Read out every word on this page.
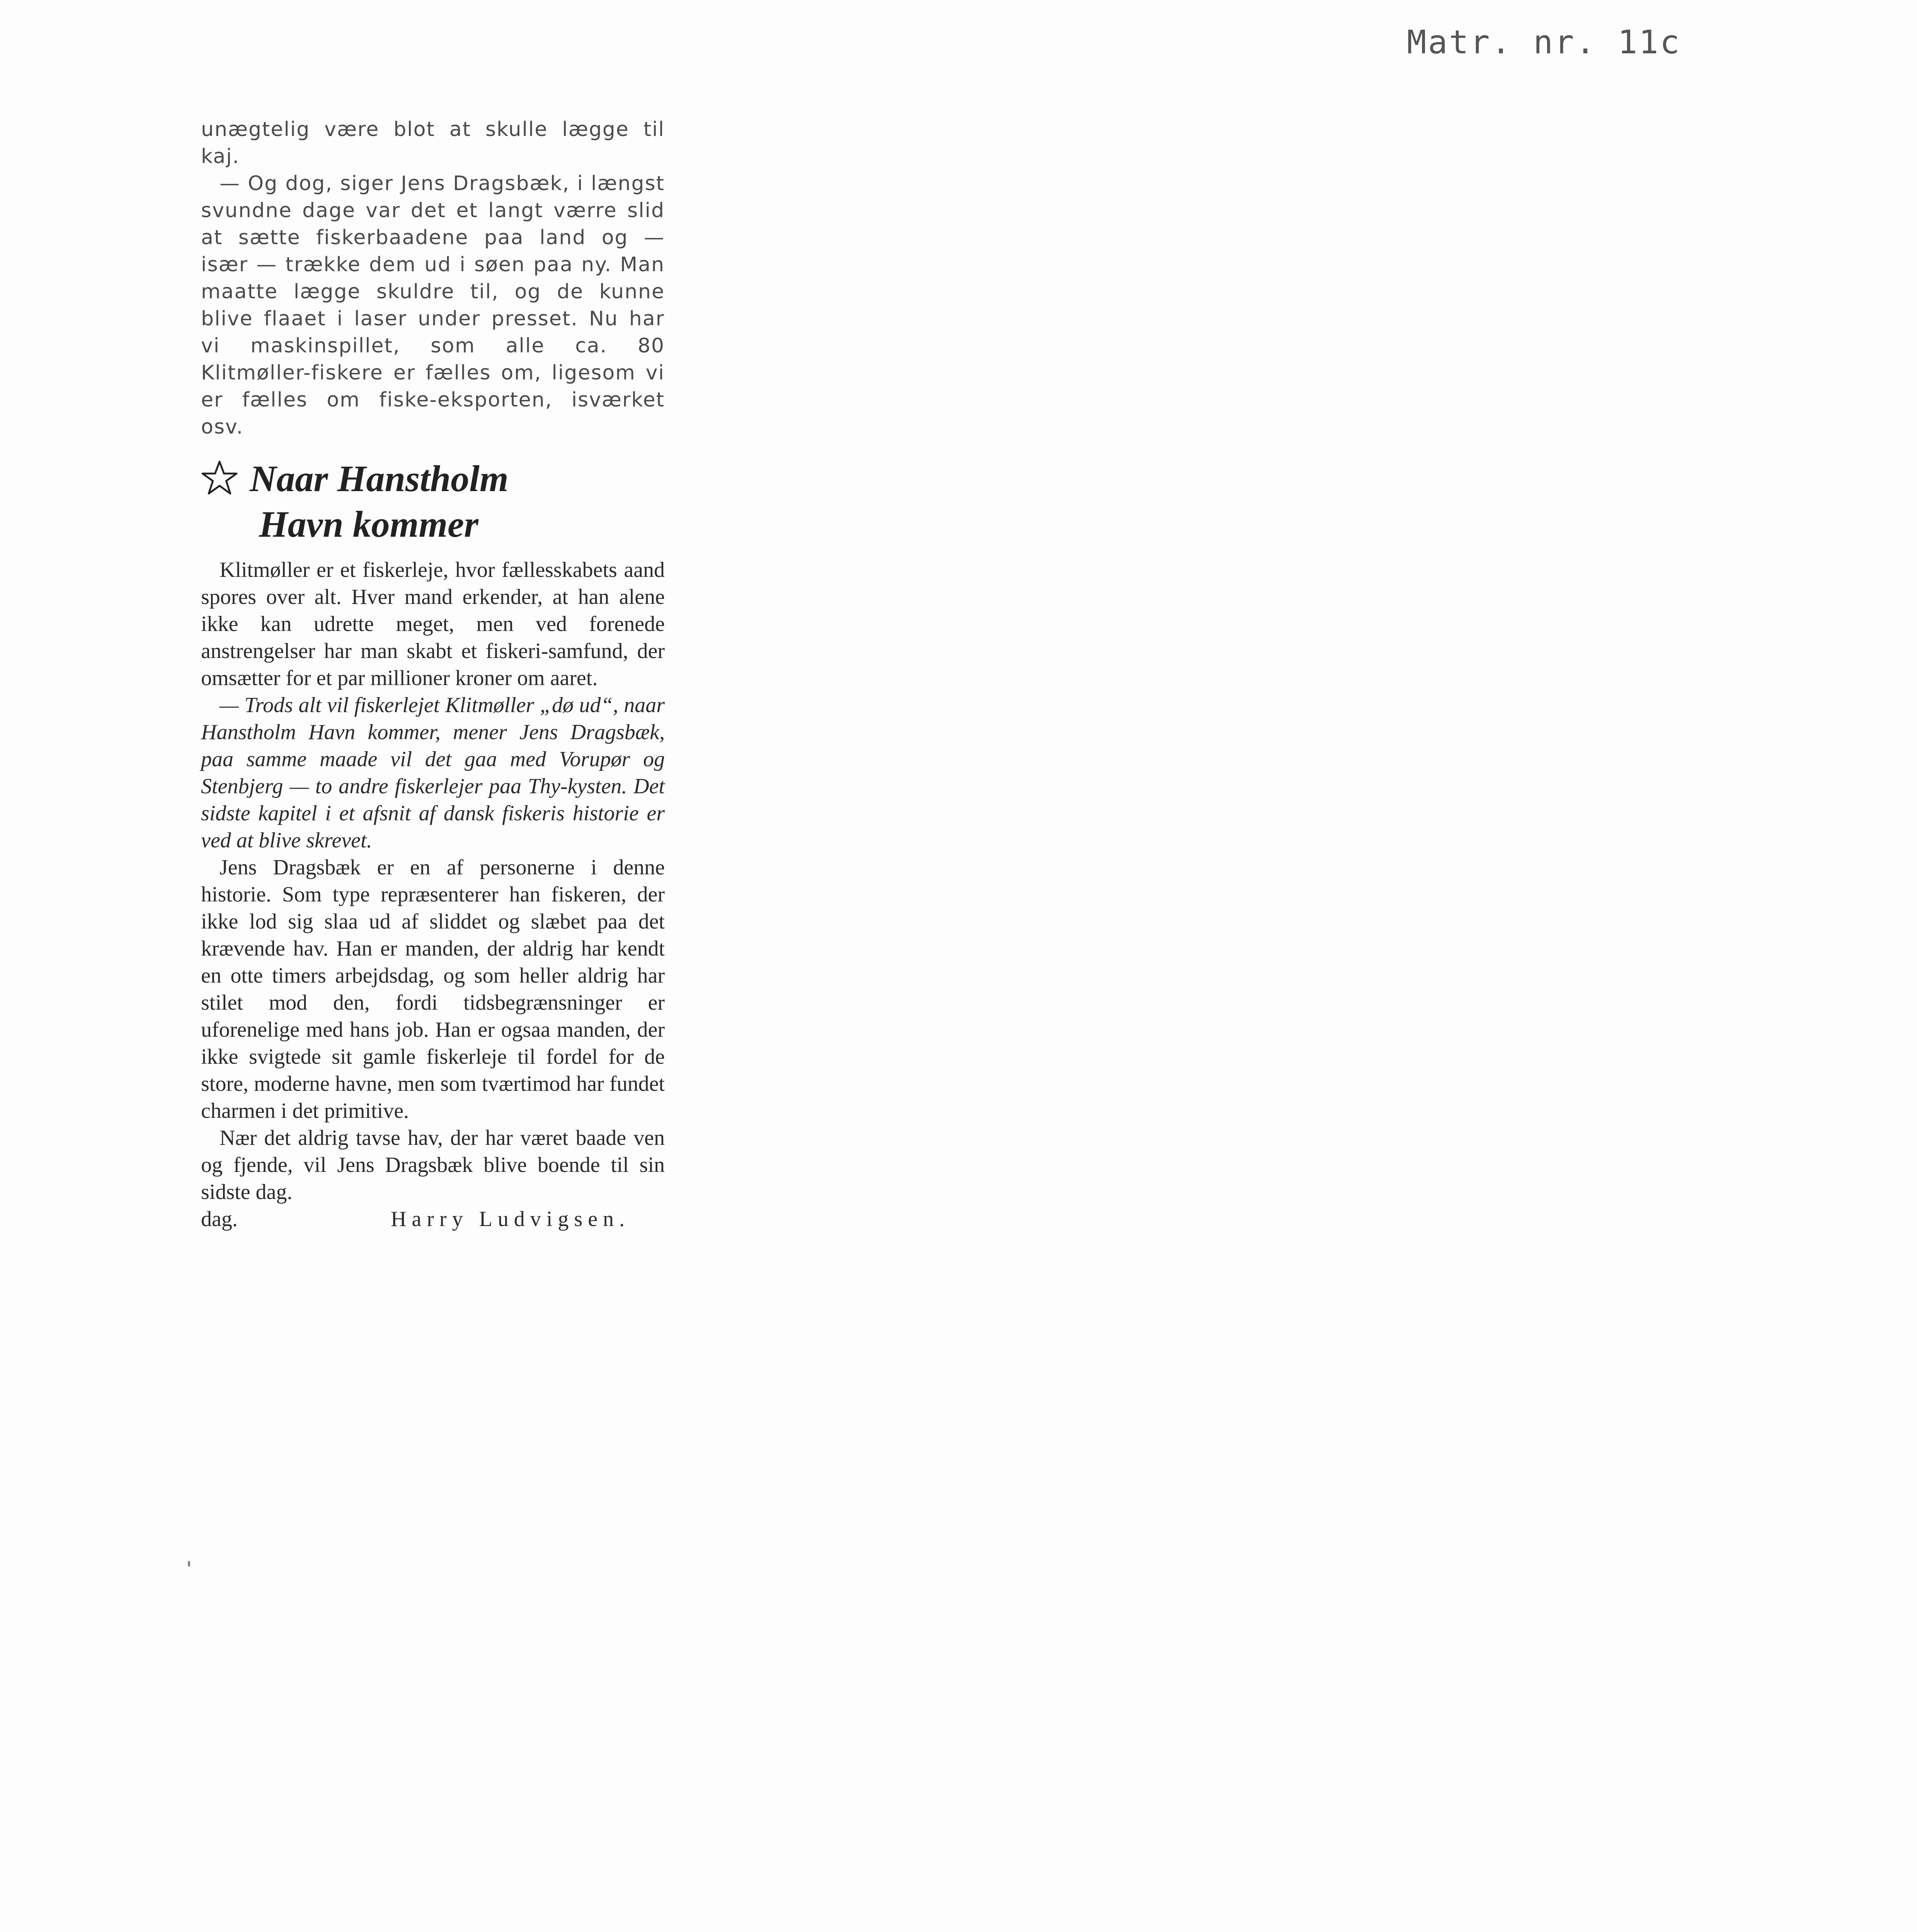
Matr. nr. 11c

unægtelig være blot at skulle lægge til kaj.

— Og dog, siger Jens Dragsbæk, i længst svundne dage var det et langt værre slid at sætte fiskerbaadene paa land og — især — trække dem ud i søen paa ny. Man maatte lægge skuldre til, og de kunne blive flaaet i laser under presset. Nu har vi maskinspillet, som alle ca. 80 Klitmøller-fiskere er fælles om, ligesom vi er fælles om fiske-eksporten, isværket osv.

Naar Hanstholm
Havn kommer

Klitmøller er et fiskerleje, hvor fællesskabets aand spores over alt. Hver mand erkender, at han alene ikke kan udrette meget, men ved forenede anstrengelser har man skabt et fiskeri-samfund, der omsætter for et par millioner kroner om aaret.

— Trods alt vil fiskerlejet Klitmøller „dø ud“, naar Hanstholm Havn kommer, mener Jens Dragsbæk, paa samme maade vil det gaa med Vorupør og Stenbjerg — to andre fiskerlejer paa Thy-kysten. Det sidste kapitel i et afsnit af dansk fiskeris historie er ved at blive skrevet.

Jens Dragsbæk er en af personerne i denne historie. Som type repræsenterer han fiskeren, der ikke lod sig slaa ud af sliddet og slæbet paa det krævende hav. Han er manden, der aldrig har kendt en otte timers arbejdsdag, og som heller aldrig har stilet mod den, fordi tidsbegrænsninger er uforenelige med hans job. Han er ogsaa manden, der ikke svigtede sit gamle fiskerleje til fordel for de store, moderne havne, men som tværtimod har fundet charmen i det primitive.

Nær det aldrig tavse hav, der har været baade ven og fjende, vil Jens Dragsbæk blive boende til sin sidste dag.

dag.	Harry Ludvigsen.
